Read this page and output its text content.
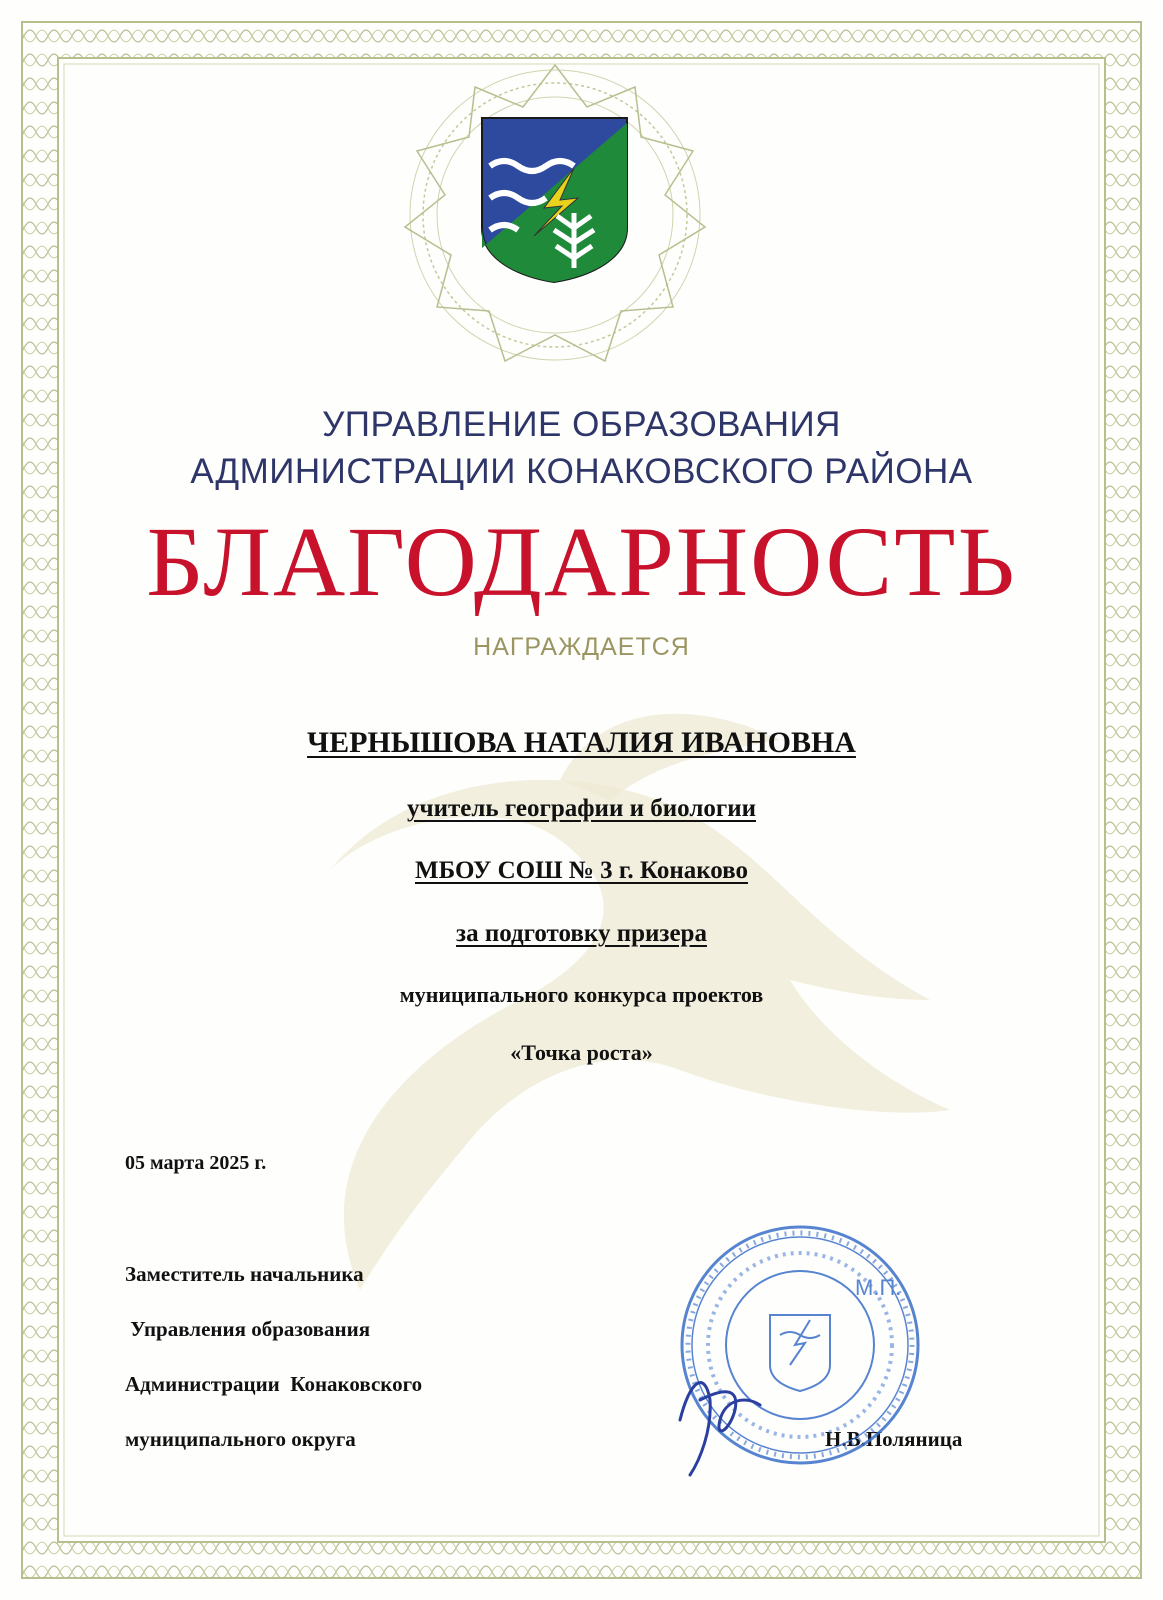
УПРАВЛЕНИЕ ОБРАЗОВАНИЯ

АДМИНИСТРАЦИИ КОНАКОВСКОГО РАЙОНА

БЛАГОДАРНОСТЬ

НАГРАЖДАЕТСЯ

ЧЕРНЫШОВА НАТАЛИЯ ИВАНОВНА

учитель географии и биологии

МБОУ СОШ № 3 г. Конаково

за подготовку призера

муниципального конкурса проектов

«Точка роста»

05 марта 2025 г.

Заместитель начальника

Управления образования

Администрации  Конаковского

муниципального округа	Н.В.Поляница

М.П.
